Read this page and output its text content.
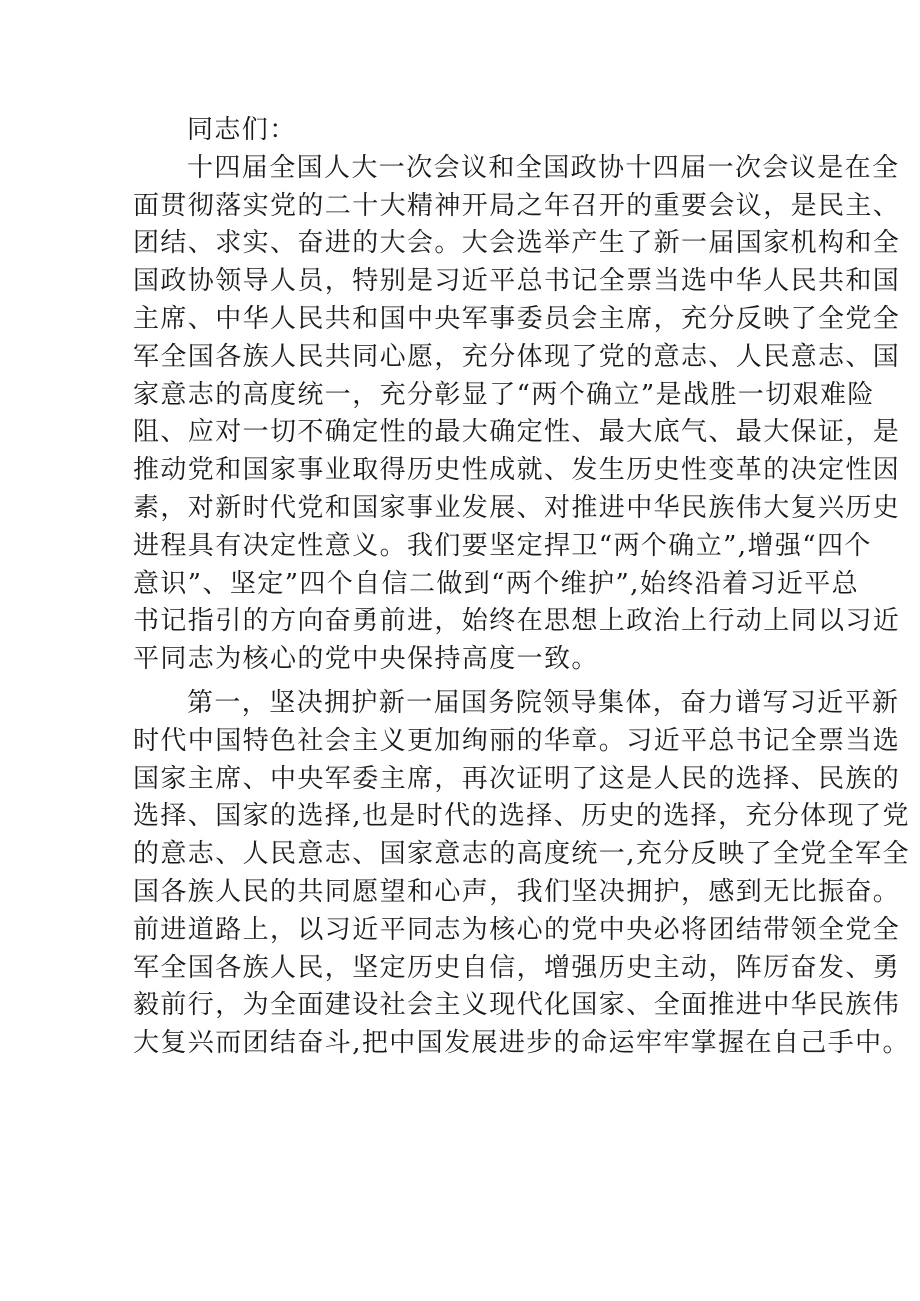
同志们：
十四届全国人大一次会议和全国政协十四届一次会议是在全
面贯彻落实党的二十大精神开局之年召开的重要会议，是民主、
团结、求实、奋进的大会。大会选举产生了新一届国家机构和全
国政协领导人员，特别是习近平总书记全票当选中华人民共和国
主席、中华人民共和国中央军事委员会主席，充分反映了全党全
军全国各族人民共同心愿，充分体现了党的意志、人民意志、国
家意志的高度统一，充分彰显了“两个确立”是战胜一切艰难险
阻、应对一切不确定性的最大确定性、最大底气、最大保证，是
推动党和国家事业取得历史性成就、发生历史性变革的决定性因
素，对新时代党和国家事业发展、对推进中华民族伟大复兴历史
进程具有决定性意义。我们要坚定捍卫“两个确立”,增强“四个
意识”、坚定”四个自信二做到“两个维护”,始终沿着习近平总
书记指引的方向奋勇前进，始终在思想上政治上行动上同以习近
平同志为核心的党中央保持高度一致。
第一，坚决拥护新一届国务院领导集体，奋力谱写习近平新
时代中国特色社会主义更加绚丽的华章。习近平总书记全票当选
国家主席、中央军委主席，再次证明了这是人民的选择、民族的
选择、国家的选择,也是时代的选择、历史的选择，充分体现了党
的意志、人民意志、国家意志的高度统一,充分反映了全党全军全
国各族人民的共同愿望和心声，我们坚决拥护，感到无比振奋。
前进道路上，以习近平同志为核心的党中央必将团结带领全党全
军全国各族人民，坚定历史自信，增强历史主动，阵厉奋发、勇
毅前行，为全面建设社会主义现代化国家、全面推进中华民族伟
大复兴而团结奋斗,把中国发展进步的命运牢牢掌握在自己手中。
